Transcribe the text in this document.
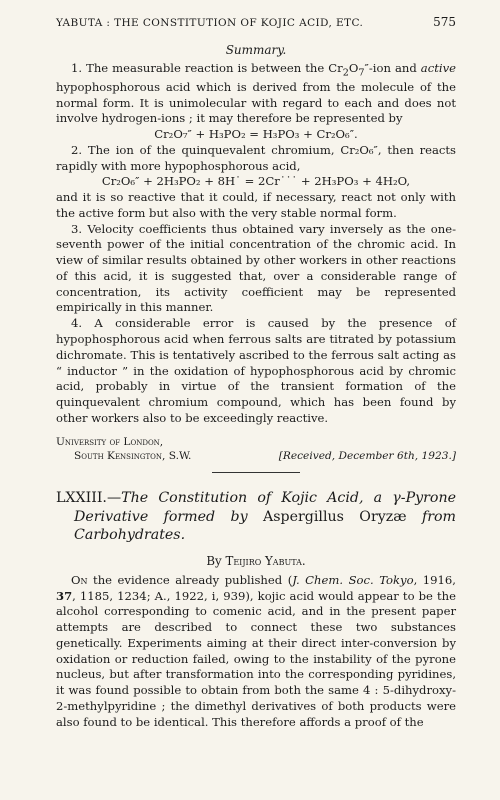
YABUTA : THE CONSTITUTION OF KOJIC ACID, ETC.	575
Summary.

1. The measurable reaction is between the $Cr_2O_7''$-ion and active hypophosphorous acid which is derived from the molecule of the normal form. It is unimolecular with regard to each and does not involve hydrogen-ions ; it may therefore be represented by

Cr₂O₇″ + H₃PO₂ = H₃PO₃ + Cr₂O₆″.

2. The ion of the quinquevalent chromium, Cr₂O₆″, then reacts rapidly with more hypophosphorous acid,

Cr₂O₆″ + 2H₃PO₂ + 8H˙ = 2Cr˙˙˙ + 2H₃PO₃ + 4H₂O,

and it is so reactive that it could, if necessary, react not only with the active form but also with the very stable normal form.

3. Velocity coefficients thus obtained vary inversely as the one-seventh power of the initial concentration of the chromic acid. In view of similar results obtained by other workers in other reactions of this acid, it is suggested that, over a considerable range of concentration, its activity coefficient may be represented empirically in this manner.

4. A considerable error is caused by the presence of hypophosphorous acid when ferrous salts are titrated by potassium dichromate. This is tentatively ascribed to the ferrous salt acting as “ inductor ” in the oxidation of hypophosphorous acid by chromic acid, probably in virtue of the transient formation of the quinquevalent chromium compound, which has been found by other workers also to be exceedingly reactive.

University of London,
South Kensington, S.W.	[Received, December 6th, 1923.]
LXXIII.—The Constitution of Kojic Acid, a γ-Pyrone Derivative formed by Aspergillus Oryzæ from Carbohydrates.
By Teijiro Yabuta.

On the evidence already published (J. Chem. Soc. Tokyo, 1916, 37, 1185, 1234; A., 1922, i, 939), kojic acid would appear to be the alcohol corresponding to comenic acid, and in the present paper attempts are described to connect these two substances genetically. Experiments aiming at their direct inter-conversion by oxidation or reduction failed, owing to the instability of the pyrone nucleus, but after transformation into the corresponding pyridines, it was found possible to obtain from both the same 4 : 5-dihydroxy-2-methylpyridine ; the dimethyl derivatives of both products were also found to be identical. This therefore affords a proof of the
